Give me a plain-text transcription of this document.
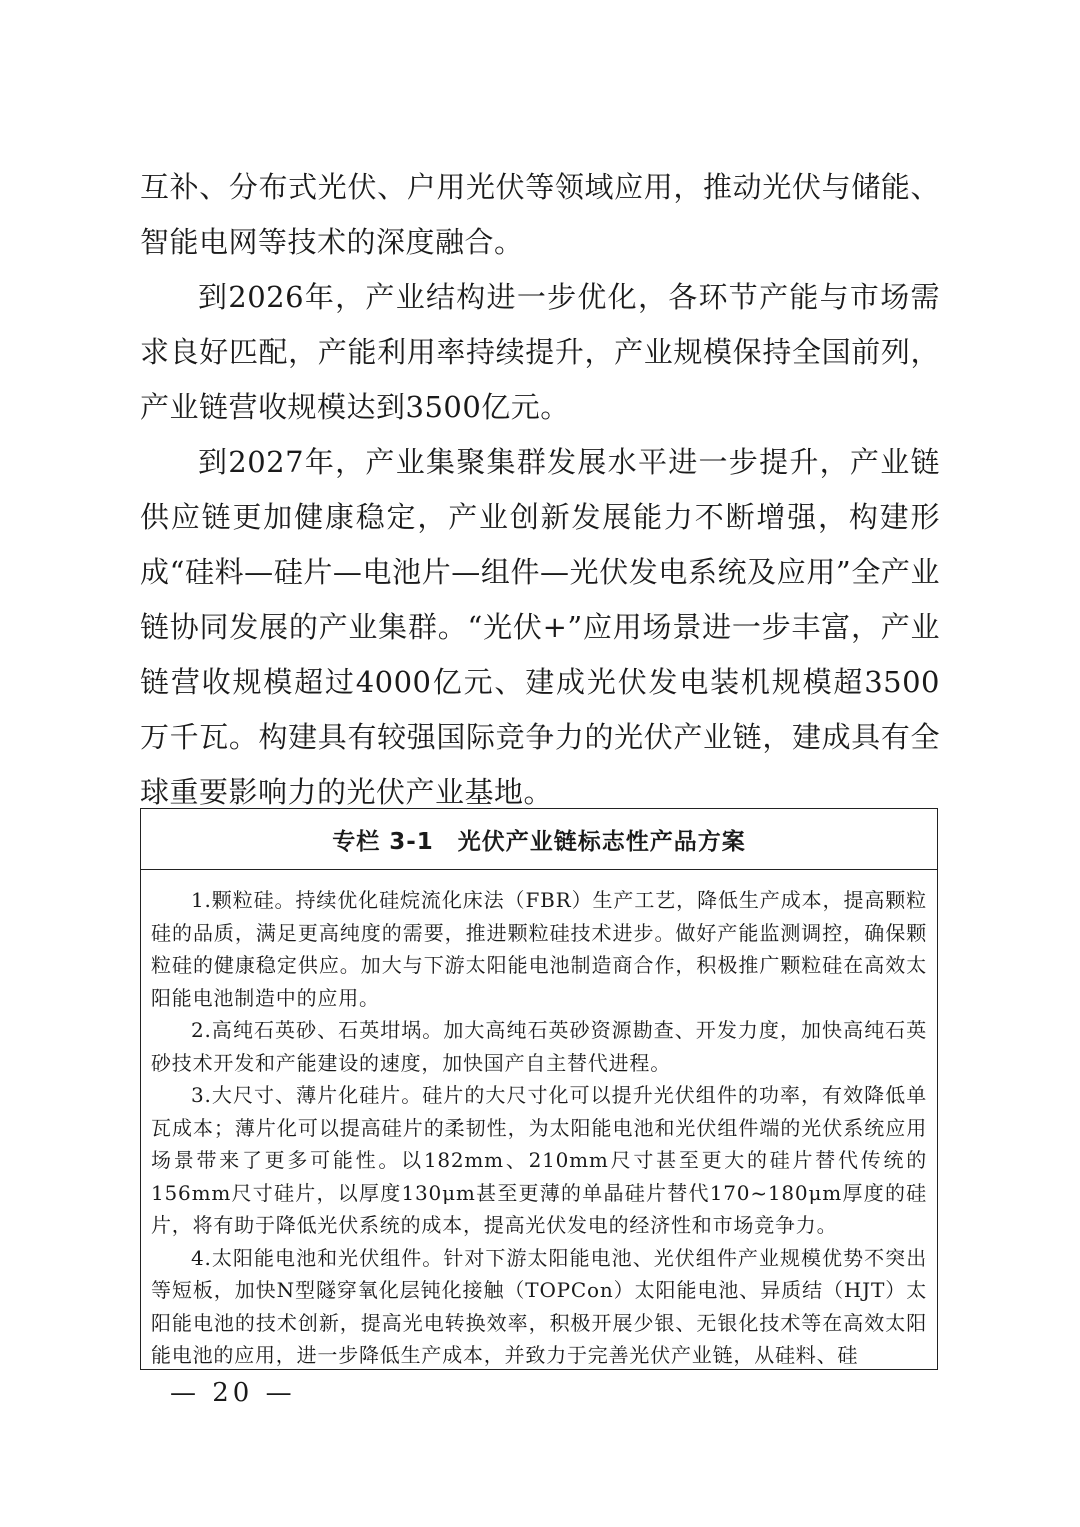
互补、分布式光伏、户用光伏等领域应用，推动光伏与储能、智能电网等技术的深度融合。

到2026年，产业结构进一步优化，各环节产能与市场需求良好匹配，产能利用率持续提升，产业规模保持全国前列，产业链营收规模达到3500亿元。

到2027年，产业集聚集群发展水平进一步提升，产业链供应链更加健康稳定，产业创新发展能力不断增强，构建形成“硅料—硅片—电池片—组件—光伏发电系统及应用”全产业链协同发展的产业集群。“光伏+”应用场景进一步丰富，产业链营收规模超过4000亿元、建成光伏发电装机规模超3500万千瓦。构建具有较强国际竞争力的光伏产业链，建成具有全球重要影响力的光伏产业基地。

专栏 3-1　光伏产业链标志性产品方案

1.颗粒硅。持续优化硅烷流化床法（FBR）生产工艺，降低生产成本，提高颗粒硅的品质，满足更高纯度的需要，推进颗粒硅技术进步。做好产能监测调控，确保颗粒硅的健康稳定供应。加大与下游太阳能电池制造商合作，积极推广颗粒硅在高效太阳能电池制造中的应用。

2.高纯石英砂、石英坩埚。加大高纯石英砂资源勘查、开发力度，加快高纯石英砂技术开发和产能建设的速度，加快国产自主替代进程。

3.大尺寸、薄片化硅片。硅片的大尺寸化可以提升光伏组件的功率，有效降低单瓦成本；薄片化可以提高硅片的柔韧性，为太阳能电池和光伏组件端的光伏系统应用场景带来了更多可能性。以182mm、210mm尺寸甚至更大的硅片替代传统的156mm尺寸硅片，以厚度130μm甚至更薄的单晶硅片替代170~180μm厚度的硅片，将有助于降低光伏系统的成本，提高光伏发电的经济性和市场竞争力。

4.太阳能电池和光伏组件。针对下游太阳能电池、光伏组件产业规模优势不突出等短板，加快N型隧穿氧化层钝化接触（TOPCon）太阳能电池、异质结（HJT）太阳能电池的技术创新，提高光电转换效率，积极开展少银、无银化技术等在高效太阳能电池的应用，进一步降低生产成本，并致力于完善光伏产业链，从硅料、硅

— 20 —
